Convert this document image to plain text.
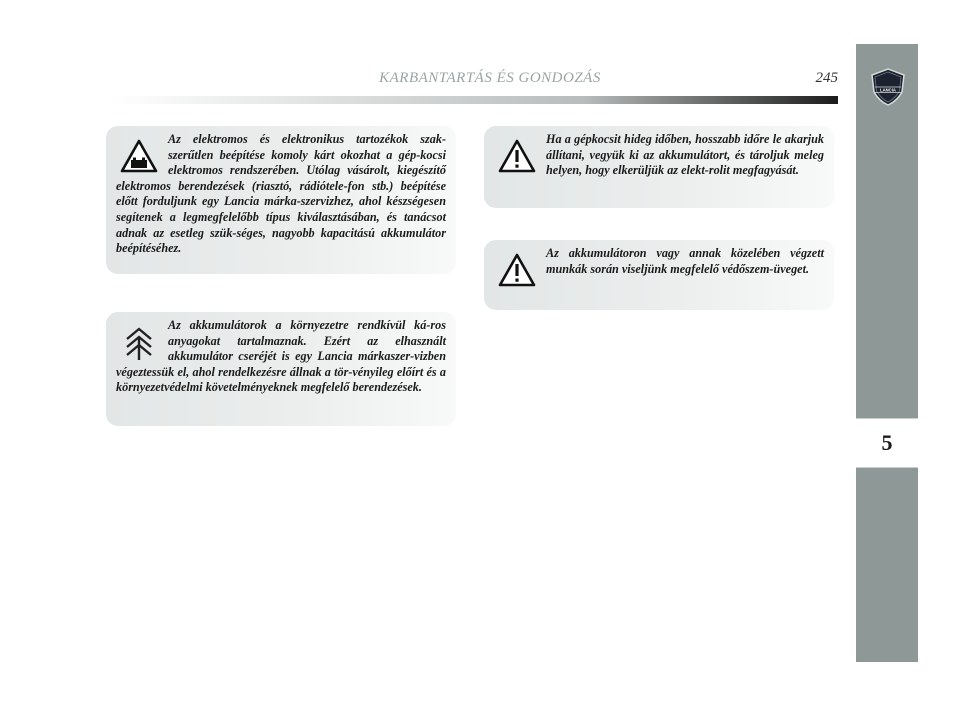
KARBANTARTÁS ÉS GONDOZÁS	245
LANCIA
5
Az elektromos és elektronikus tartozékok szak-szerűtlen beépítése komoly kárt okozhat a gép-kocsi elektromos rendszerében. Utólag vásárolt, kiegészítő elektromos berendezések (riasztó, rádiótele-fon stb.) beépítése előtt forduljunk egy Lancia márka-szervizhez, ahol készségesen segítenek a legmegfelelőbb típus kiválasztásában, és tanácsot adnak az esetleg szük-séges, nagyobb kapacitású akkumulátor beépítéséhez.
Az akkumulátorok a környezetre rendkívül ká-ros anyagokat tartalmaznak. Ezért az elhasznált akkumulátor cseréjét is egy Lancia márkaszer-vizben végeztessük el, ahol rendelkezésre állnak a tör-vényileg előírt és a környezetvédelmi követelményeknek megfelelő berendezések.
Ha a gépkocsit hideg időben, hosszabb időre le akarjuk állítani, vegyük ki az akkumulátort, és tároljuk meleg helyen, hogy elkerüljük az elekt-rolit megfagyását.
Az akkumulátoron vagy annak közelében végzett munkák során viseljünk megfelelő védőszem-üveget.
